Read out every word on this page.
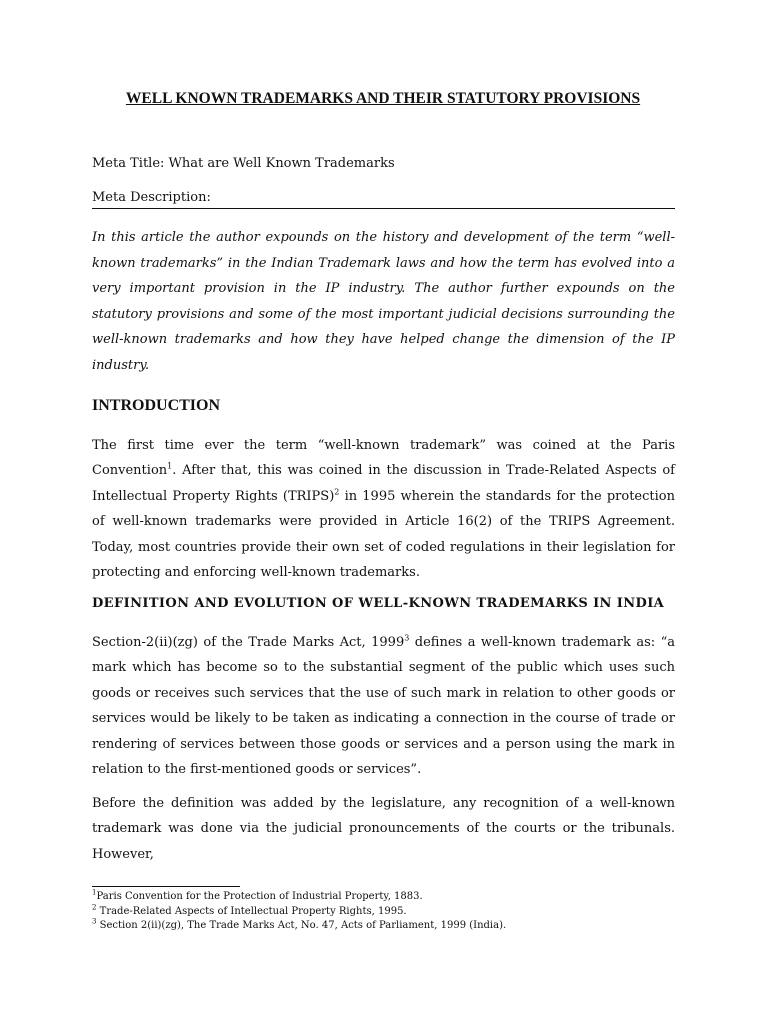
WELL KNOWN TRADEMARKS AND THEIR STATUTORY PROVISIONS
Meta Title: What are Well Known Trademarks
Meta Description:
In this article the author expounds on the history and development of the term “well-known trademarks” in the Indian Trademark laws and how the term has evolved into a very important provision in the IP industry. The author further expounds on the statutory provisions and some of the most important judicial decisions surrounding the well-known trademarks and how they have helped change the dimension of the IP industry.
INTRODUCTION
The first time ever the term “well-known trademark” was coined at the Paris Convention$^1$. After that, this was coined in the discussion in Trade-Related Aspects of Intellectual Property Rights (TRIPS)$^2$ in 1995 wherein the standards for the protection of well-known trademarks were provided in Article 16(2) of the TRIPS Agreement. Today, most countries provide their own set of coded regulations in their legislation for protecting and enforcing well-known trademarks.
DEFINITION AND EVOLUTION OF WELL-KNOWN TRADEMARKS IN INDIA
Section-2(ii)(zg) of the Trade Marks Act, 1999$^3$ defines a well-known trademark as: “a mark which has become so to the substantial segment of the public which uses such goods or receives such services that the use of such mark in relation to other goods or services would be likely to be taken as indicating a connection in the course of trade or rendering of services between those goods or services and a person using the mark in relation to the first-mentioned goods or services”.
Before the definition was added by the legislature, any recognition of a well-known trademark was done via the judicial pronouncements of the courts or the tribunals. However,
$^1$Paris Convention for the Protection of Industrial Property, 1883.
$^2$ Trade-Related Aspects of Intellectual Property Rights, 1995.
$^3$ Section 2(ii)(zg), The Trade Marks Act, No. 47, Acts of Parliament, 1999 (India).
